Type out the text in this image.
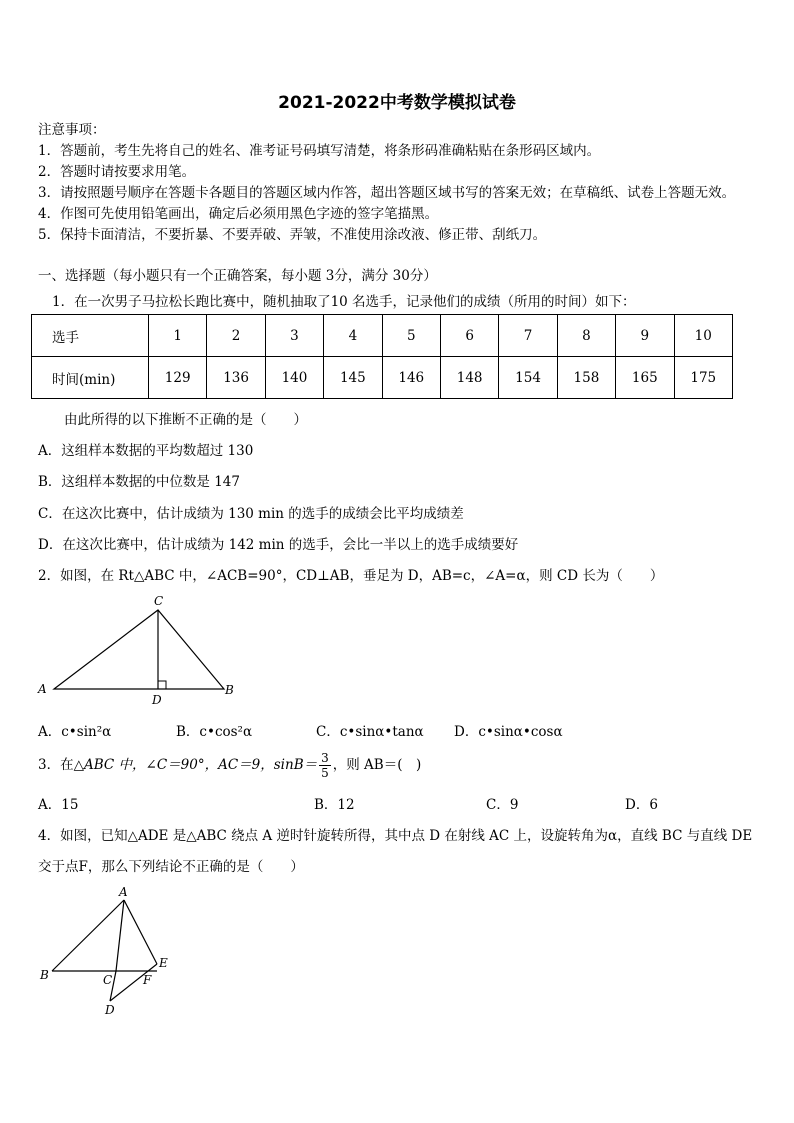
2021-2022中考数学模拟试卷
注意事项：
1．答题前，考生先将自己的姓名、准考证号码填写清楚，将条形码准确粘贴在条形码区域内。
2．答题时请按要求用笔。
3．请按照题号顺序在答题卡各题目的答题区域内作答，超出答题区域书写的答案无效；在草稿纸、试卷上答题无效。
4．作图可先使用铅笔画出，确定后必须用黑色字迹的签字笔描黑。
5．保持卡面清洁，不要折暴、不要弄破、弄皱，不准使用涂改液、修正带、刮纸刀。
一、选择题（每小题只有一个正确答案，每小题 3分，满分 30分）
1．在一次男子马拉松长跑比赛中，随机抽取了10 名选手，记录他们的成绩（所用的时间）如下：
选手	1	2	3	4	5	6	7	8	9	10
时间(min)	129	136	140	145	146	148	154	158	165	175
由此所得的以下推断不正确的是（　　）
A．这组样本数据的平均数超过 130
B．这组样本数据的中位数是 147
C．在这次比赛中，估计成绩为 130 min 的选手的成绩会比平均成绩差
D．在这次比赛中，估计成绩为 142 min 的选手，会比一半以上的选手成绩要好
2．如图，在 Rt△ABC 中，∠ACB=90°，CD⊥AB，垂足为 D，AB=c，∠A=α，则 CD 长为（　　）
C
A	B
D
A．c•sin²α	B．c•cos²α	C．c•sinα•tanα D．c•sinα•cosα
3．在△ABC 中，∠C＝90°，AC＝9，$\sin B= \frac{3}{5}$ ，则 AB＝(　)
A．15	B．12	C．9	D．6
4．如图，已知△ADE 是△ABC 绕点 A 逆时针旋转所得，其中点 D 在射线 AC 上，设旋转角为α，直线 BC 与直线 DE
交于点F，那么下列结论不正确的是（　　）
A
B	C	F
E
D
